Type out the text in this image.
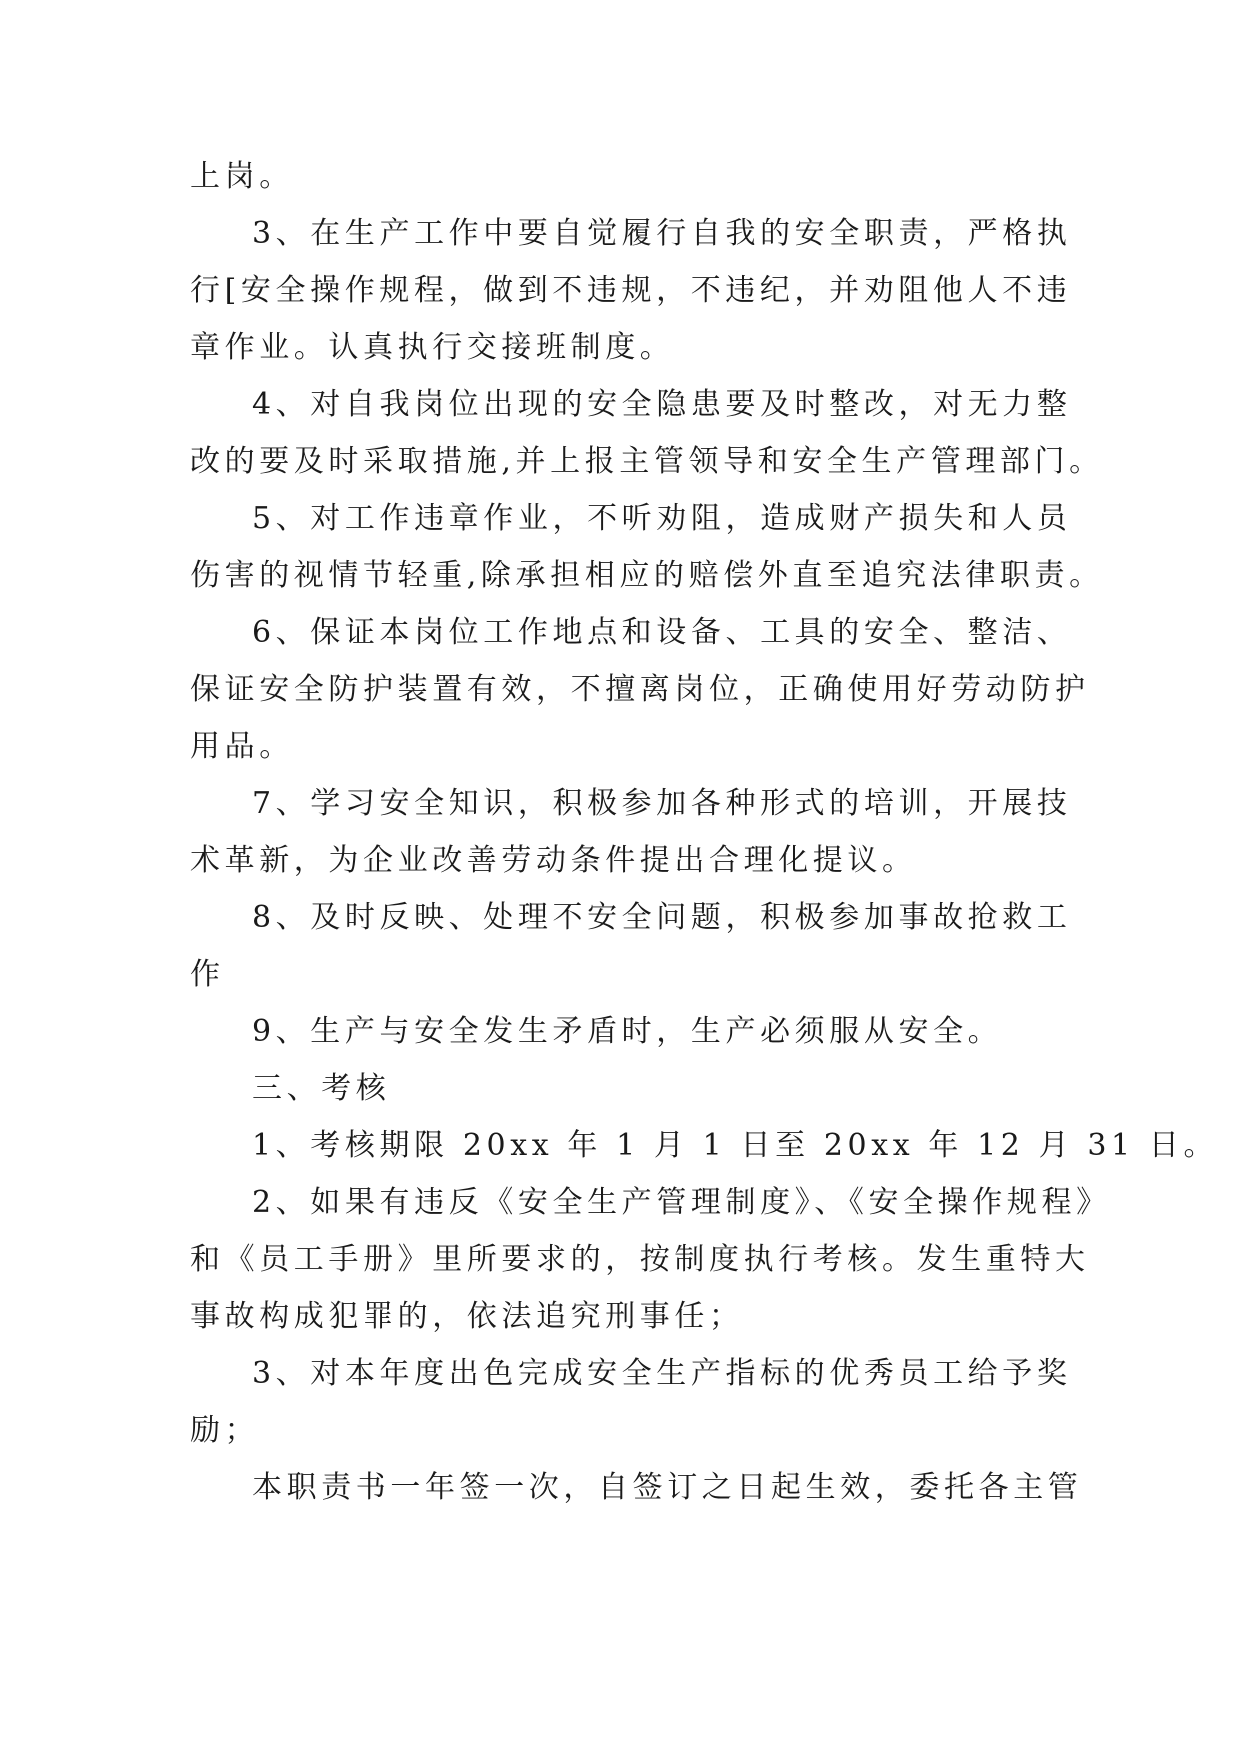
上岗。
3、在生产工作中要自觉履行自我的安全职责，严格执
行[安全操作规程，做到不违规，不违纪，并劝阻他人不违
章作业。认真执行交接班制度。
4、对自我岗位出现的安全隐患要及时整改，对无力整
改的要及时采取措施,并上报主管领导和安全生产管理部门。
5、对工作违章作业，不听劝阻，造成财产损失和人员
伤害的视情节轻重,除承担相应的赔偿外直至追究法律职责。
6、保证本岗位工作地点和设备、工具的安全、整洁、
保证安全防护装置有效，不擅离岗位，正确使用好劳动防护
用品。
7、学习安全知识，积极参加各种形式的培训，开展技
术革新，为企业改善劳动条件提出合理化提议。
8、及时反映、处理不安全问题，积极参加事故抢救工
作
9、生产与安全发生矛盾时，生产必须服从安全。
三、考核
1、考核期限 20xx 年 1 月 1 日至 20xx 年 12 月 31 日。
2、如果有违反《安全生产管理制度》、《安全操作规程》
和《员工手册》里所要求的，按制度执行考核。发生重特大
事故构成犯罪的，依法追究刑事任；
3、对本年度出色完成安全生产指标的优秀员工给予奖
励；
本职责书一年签一次，自签订之日起生效，委托各主管
